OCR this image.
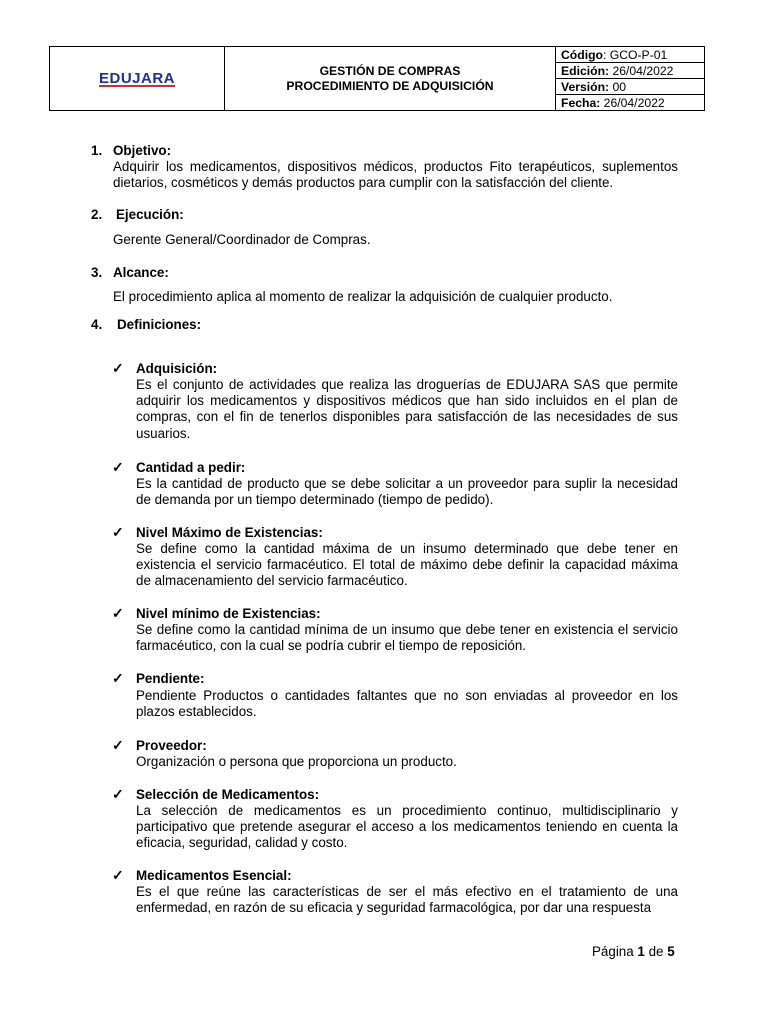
EDUJARA	GESTIÓN DE COMPRAS
PROCEDIMIENTO DE ADQUISICIÓN
	Código: GCO-P-01
Edición: 26/04/2022
Versión: 00
Fecha: 26/04/2022
1. Objetivo:
Adquirir los medicamentos, dispositivos médicos, productos Fito terapéuticos, suplementos dietarios, cosméticos y demás productos para cumplir con la satisfacción del cliente.
2. Ejecución:
Gerente General/Coordinador de Compras.
3. Alcance:
El procedimiento aplica al momento de realizar la adquisición de cualquier producto.
4. Definiciones:
✓ Adquisición:
Es el conjunto de actividades que realiza las droguerías de EDUJARA SAS que permite adquirir los medicamentos y dispositivos médicos que han sido incluidos en el plan de compras, con el fin de tenerlos disponibles para satisfacción de las necesidades de sus usuarios.
✓ Cantidad a pedir:
Es la cantidad de producto que se debe solicitar a un proveedor para suplir la necesidad de demanda por un tiempo determinado (tiempo de pedido).
✓ Nivel Máximo de Existencias:
Se define como la cantidad máxima de un insumo determinado que debe tener en existencia el servicio farmacéutico. El total de máximo debe definir la capacidad máxima de almacenamiento del servicio farmacéutico.
✓ Nivel mínimo de Existencias:
Se define como la cantidad mínima de un insumo que debe tener en existencia el servicio farmacéutico, con la cual se podría cubrir el tiempo de reposición.
✓ Pendiente:
Pendiente Productos o cantidades faltantes que no son enviadas al proveedor en los plazos establecidos.
✓ Proveedor:
Organización o persona que proporciona un producto.
✓ Selección de Medicamentos:
La selección de medicamentos es un procedimiento continuo, multidisciplinario y participativo que pretende asegurar el acceso a los medicamentos teniendo en cuenta la eficacia, seguridad, calidad y costo.
✓ Medicamentos Esencial:
Es el que reúne las características de ser el más efectivo en el tratamiento de una enfermedad, en razón de su eficacia y seguridad farmacológica, por dar una respuesta
Página 1 de 5
